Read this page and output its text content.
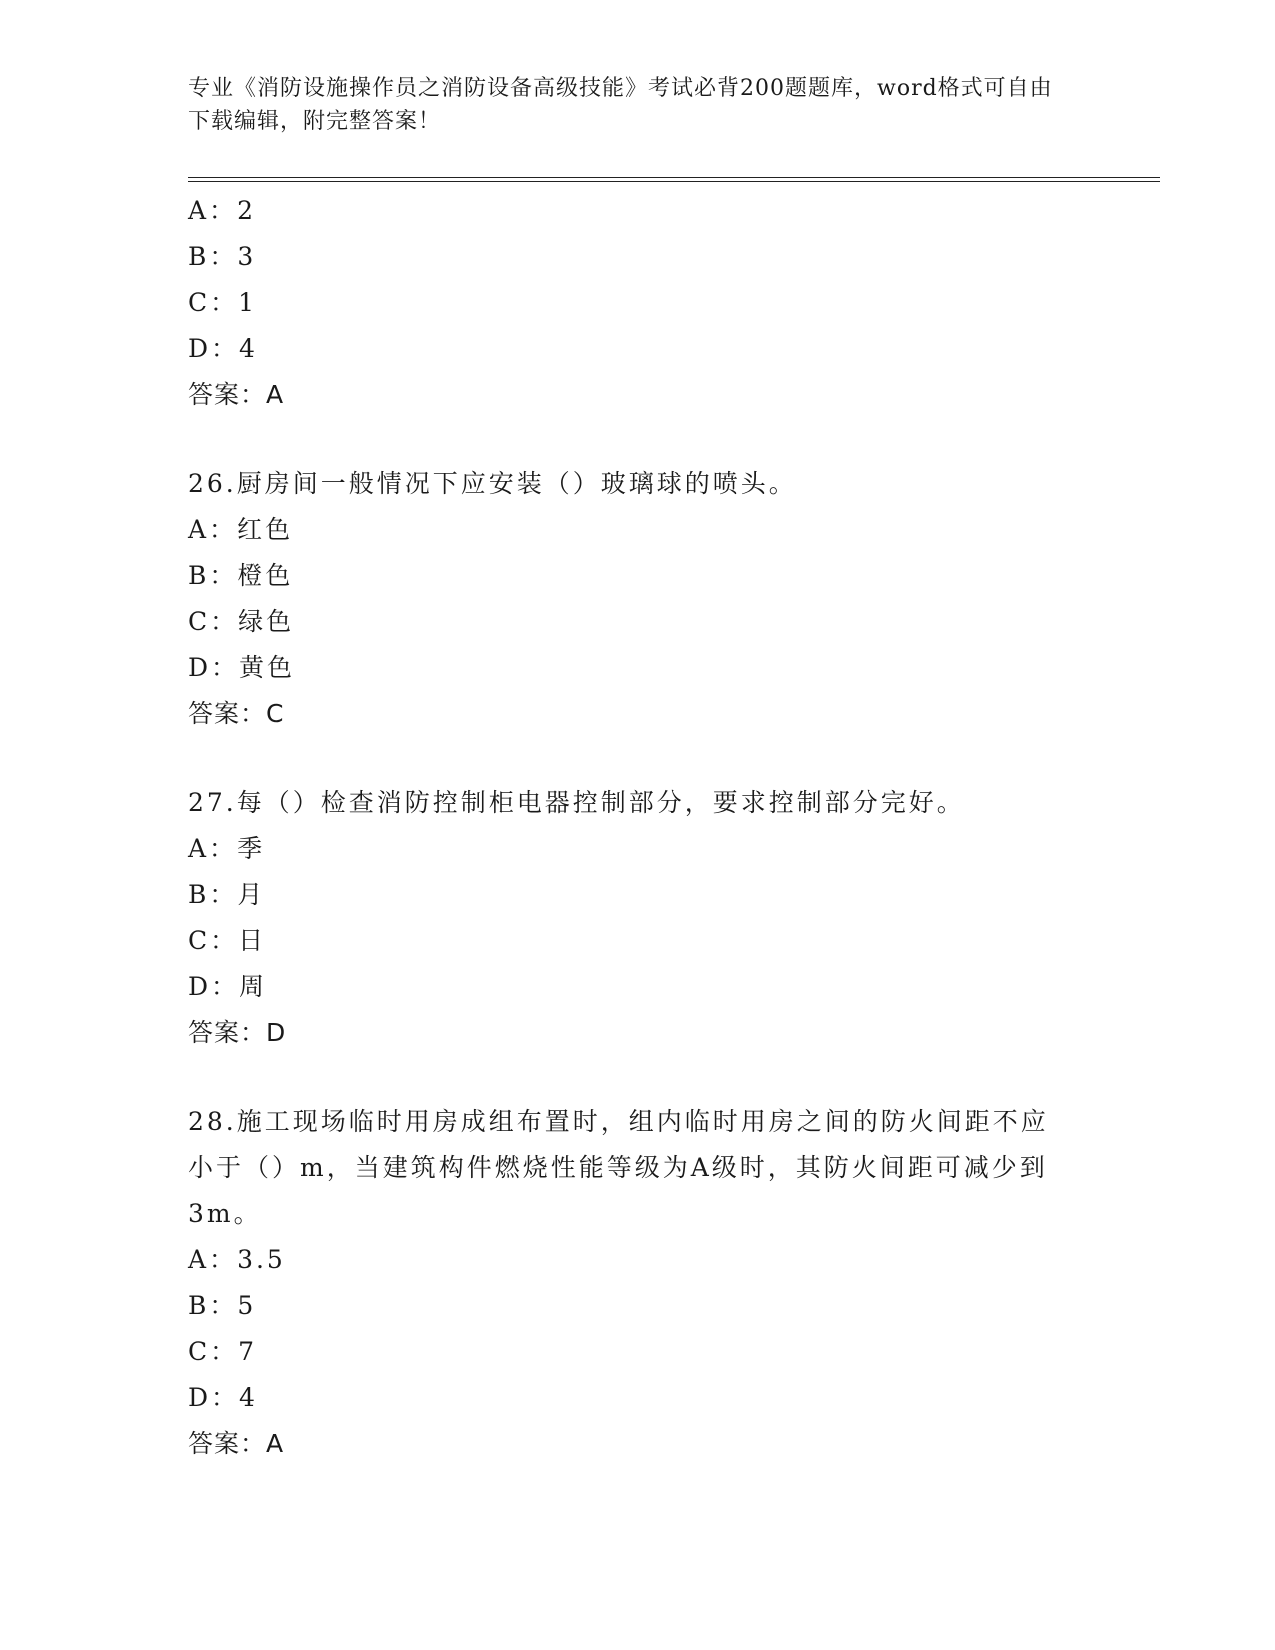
专业《消防设施操作员之消防设备高级技能》考试必背200题题库，word格式可自由下载编辑，附完整答案！
A：2
B：3
C：1
D：4
答案：A
26.厨房间一般情况下应安装（）玻璃球的喷头。
A：红色
B：橙色
C：绿色
D：黄色
答案：C
27.每（）检查消防控制柜电器控制部分，要求控制部分完好。
A：季
B：月
C：日
D：周
答案：D
28.施工现场临时用房成组布置时，组内临时用房之间的防火间距不应
小于（）m，当建筑构件燃烧性能等级为A级时，其防火间距可减少到
3m。
A：3.5
B：5
C：7
D：4
答案：A
